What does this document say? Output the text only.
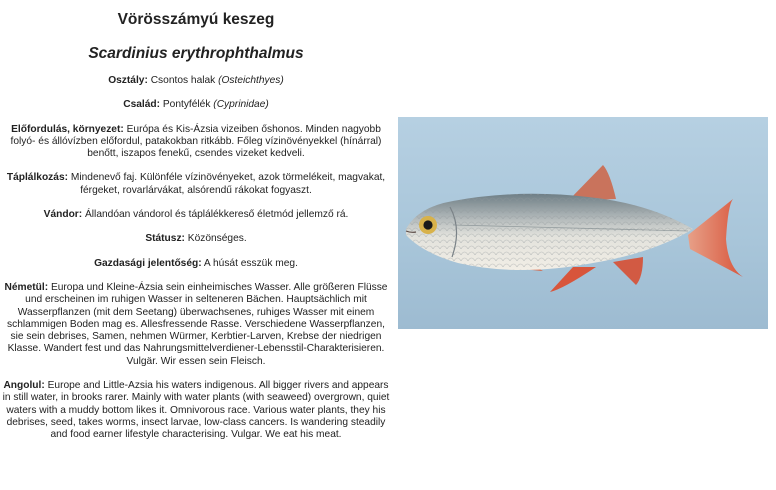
Vörösszámyú keszeg
Scardinius erythrophthalmus
Osztály: Csontos halak (Osteichthyes)
Család: Pontyfélék (Cyprinidae)
Előfordulás, környezet: Európa és Kis-Ázsia vizeiben őshonos. Minden nagyobb folyó- és állóvízben előfordul, patakokban ritkább. Főleg vízinövényekkel (hínárral) benőtt, iszapos fenekű, csendes vizeket kedveli.
Táplálkozás: Mindenevő faj. Különféle vízinövényeket, azok törmelékeit, magvakat, férgeket, rovarlárvákat, alsórendű rákokat fogyaszt.
Vándor: Állandóan vándorol és táplálékkereső életmód jellemző rá.
Státusz: Közönséges.
Gazdasági jelentőség: A húsát esszük meg.
Németül: Europa und Kleine-Ázsia sein einheimisches Wasser. Alle größeren Flüsse und erscheinen im ruhigen Wasser in selteneren Bächen. Hauptsächlich mit Wasserpflanzen (mit dem Seetang) überwachsenes, ruhiges Wasser mit einem schlammigen Boden mag es. Allesfressende Rasse. Verschiedene Wasserpflanzen, sie sein debrises, Samen, nehmen Würmer, Kerbtier-Larven, Krebse der niedrigen Klasse. Wandert fest und das Nahrungsmittelverdiener-Lebensstil-Charakterisieren. Vulgär. Wir essen sein Fleisch.
Angolul: Europe and Little-Azsia his waters indigenous. All bigger rivers and appears in still water, in brooks rarer. Mainly with water plants (with seaweed) overgrown, quiet waters with a muddy bottom likes it. Omnivorous race. Various water plants, they his debrises, seed, takes worms, insect larvae, low-class cancers. Is wandering steadily and food earner lifestyle characterising. Vulgar. We eat his meat.
